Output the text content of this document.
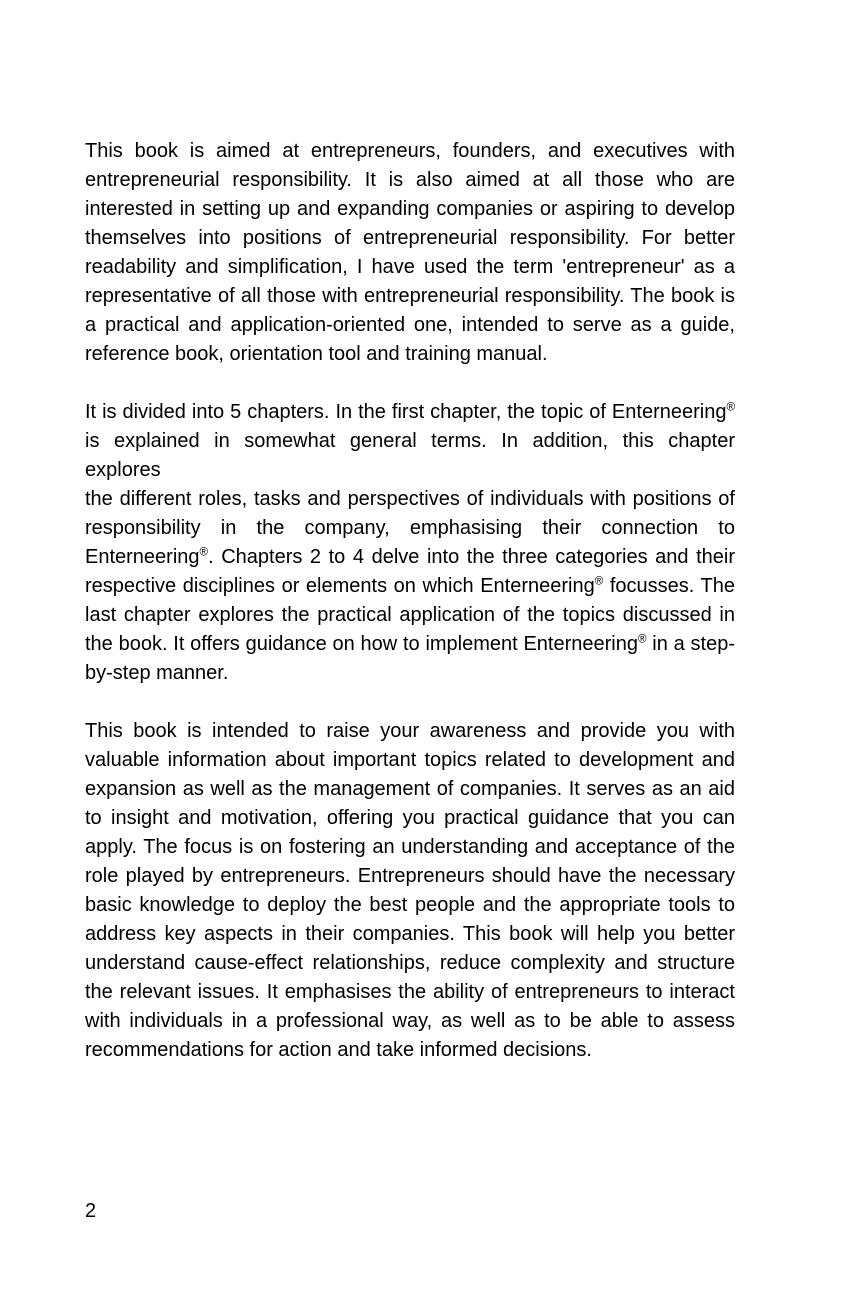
This book is aimed at entrepreneurs, founders, and executives with
entrepreneurial responsibility. It is also aimed at all those who are
interested in setting up and expanding companies or aspiring to develop
themselves into positions of entrepreneurial responsibility. For better
readability and simplification, I have used the term 'entrepreneur' as a
representative of all those with entrepreneurial responsibility. The book is
a practical and application-oriented one, intended to serve as a guide,
reference book, orientation tool and training manual.
It is divided into 5 chapters. In the first chapter, the topic of Enterneering®
is explained in somewhat general terms. In addition, this chapter explores
the different roles, tasks and perspectives of individuals with positions of
responsibility in the company, emphasising their connection to
Enterneering®. Chapters 2 to 4 delve into the three categories and their
respective disciplines or elements on which Enterneering® focusses. The
last chapter explores the practical application of the topics discussed in
the book. It offers guidance on how to implement Enterneering® in a step-
by-step manner.
This book is intended to raise your awareness and provide you with
valuable information about important topics related to development and
expansion as well as the management of companies. It serves as an aid
to insight and motivation, offering you practical guidance that you can
apply. The focus is on fostering an understanding and acceptance of the
role played by entrepreneurs. Entrepreneurs should have the necessary
basic knowledge to deploy the best people and the appropriate tools to
address key aspects in their companies. This book will help you better
understand cause-effect relationships, reduce complexity and structure
the relevant issues. It emphasises the ability of entrepreneurs to interact
with individuals in a professional way, as well as to be able to assess
recommendations for action and take informed decisions.
2
